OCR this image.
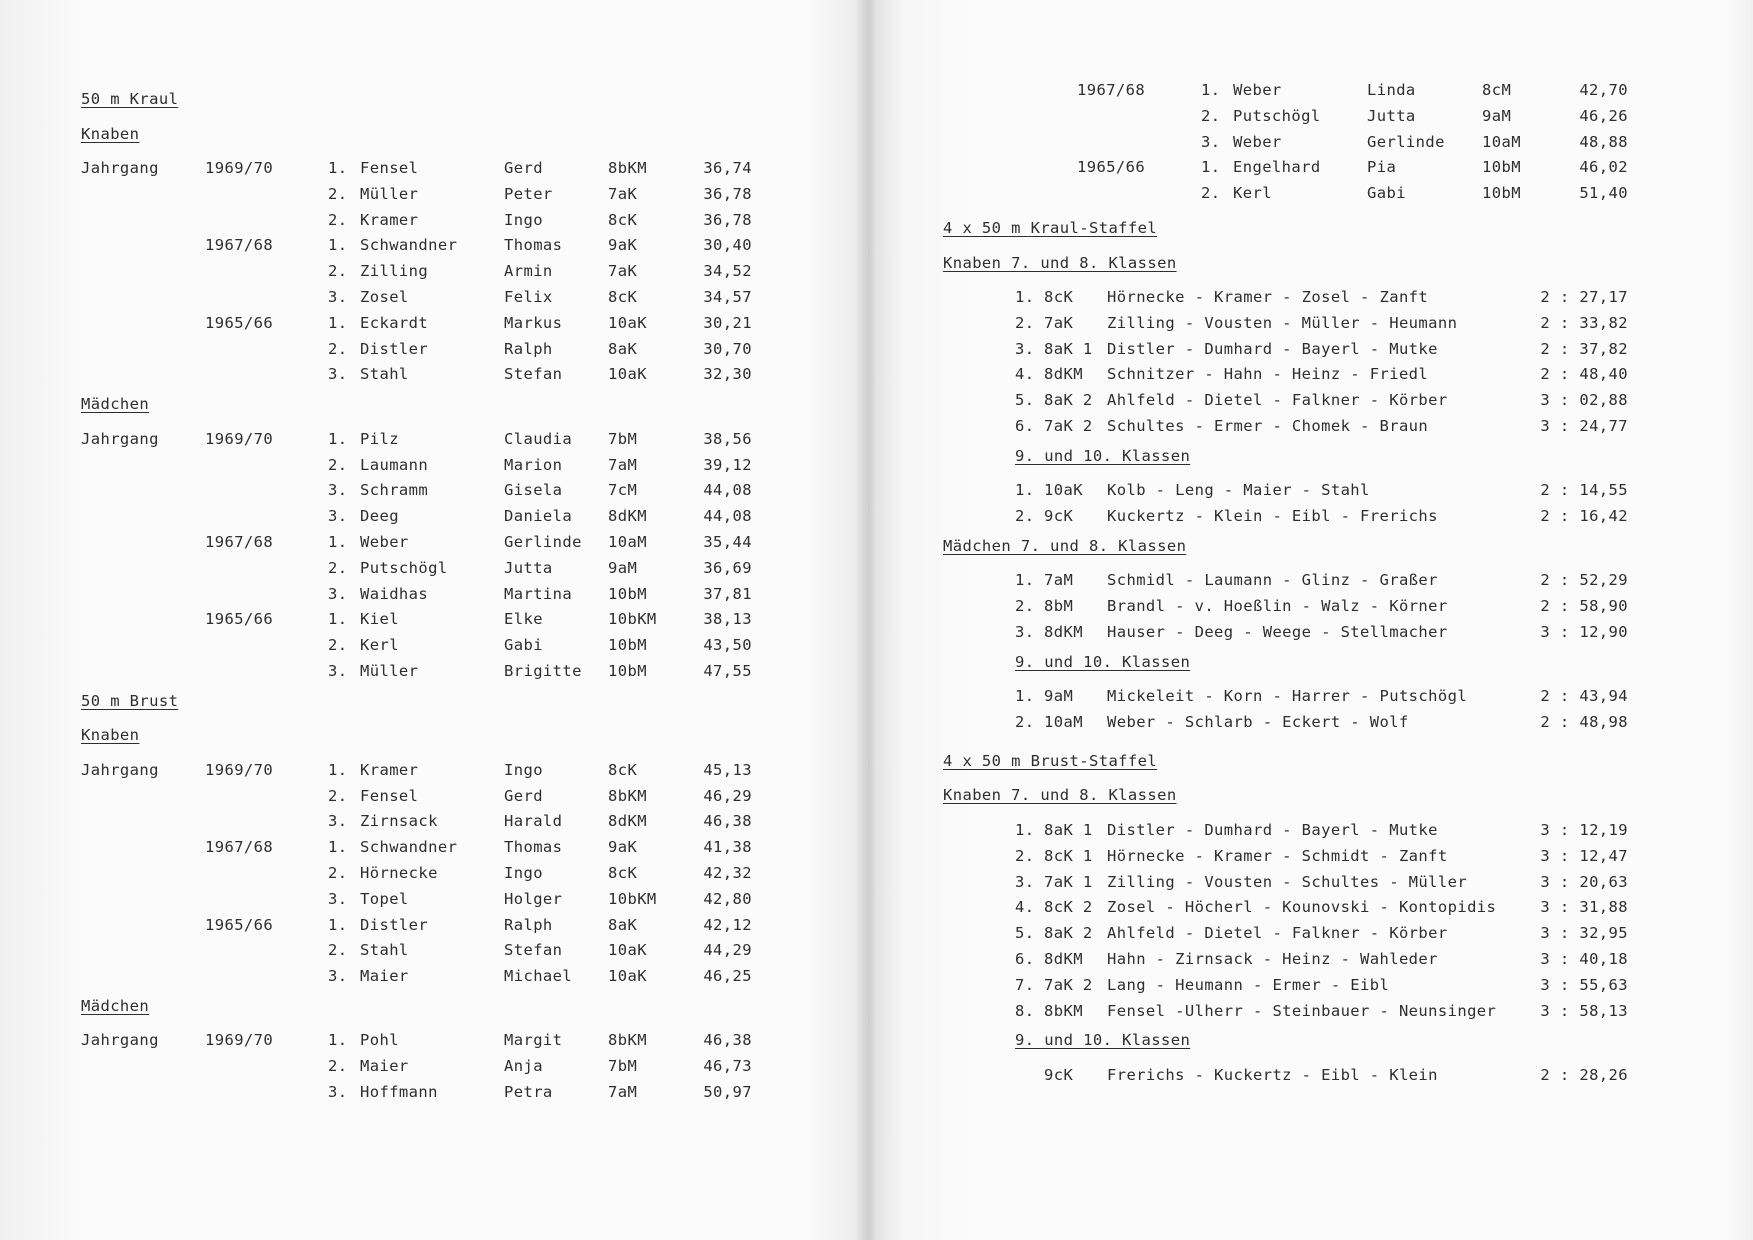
50 m Kraul
Knaben
Jahrgang	1969/70	1. Fensel	Gerd	8bKM	36,74
2. Müller	Peter	7aK	36,78
2. Kramer	Ingo	8cK	36,78
1967/68	1. Schwandner	Thomas	9aK	30,40
2. Zilling	Armin	7aK	34,52
3. Zosel	Felix	8cK	34,57
1965/66	1. Eckardt	Markus	10aK	30,21
2. Distler	Ralph	8aK	30,70
3. Stahl	Stefan	10aK	32,30
Mädchen
Jahrgang	1969/70	1. Pilz	Claudia 7bM	38,56
2. Laumann	Marion	7aM	39,12
3. Schramm	Gisela	7cM	44,08
3. Deeg	Daniela 8dKM	44,08
1967/68	1. Weber	Gerlinde 10aM	35,44
2. Putschögl	Jutta	9aM	36,69
3. Waidhas	Martina 10bM	37,81
1965/66	1. Kiel	Elke	10bKM	38,13
2. Kerl	Gabi	10bM	43,50
3. Müller	Brigitte 10bM	47,55
50 m Brust
Knaben
Jahrgang	1969/70	1. Kramer	Ingo	8cK	45,13
2. Fensel	Gerd	8bKM	46,29
3. Zirnsack	Harald	8dKM	46,38
1967/68	1. Schwandner	Thomas	9aK	41,38
2. Hörnecke	Ingo	8cK	42,32
3. Topel	Holger	10bKM	42,80
1965/66	1. Distler	Ralph	8aK	42,12
2. Stahl	Stefan	10aK	44,29
3. Maier	Michael 10aK	46,25
Mädchen
Jahrgang	1969/70	1. Pohl	Margit	8bKM	46,38
2. Maier	Anja	7bM	46,73
3. Hoffmann	Petra	7aM	50,97
1967/68	1. Weber	Linda	8cM	42,70
2. Putschögl	Jutta	9aM	46,26
3. Weber	Gerlinde 10aM	48,88
1965/66	1. Engelhard	Pia	10bM	46,02
2. Kerl	Gabi	10bM	51,40
4 x 50 m Kraul-Staffel
Knaben 7. und 8. Klassen
1. 8cK Hörnecke - Kramer - Zosel - Zanft	2 : 27,17
2. 7aK Zilling - Vousten - Müller - Heumann	2 : 33,82
3. 8aK 1 Distler - Dumhard - Bayerl - Mutke	2 : 37,82
4. 8dKM Schnitzer - Hahn - Heinz - Friedl	2 : 48,40
5. 8aK 2 Ahlfeld - Dietel - Falkner - Körber	3 : 02,88
6. 7aK 2 Schultes - Ermer - Chomek - Braun	3 : 24,77
9. und 10. Klassen
1. 10aK Kolb - Leng - Maier - Stahl	2 : 14,55
2. 9cK Kuckertz - Klein - Eibl - Frerichs	2 : 16,42
Mädchen 7. und 8. Klassen
1. 7aM Schmidl - Laumann - Glinz - Graßer	2 : 52,29
2. 8bM Brandl - v. Hoeßlin - Walz - Körner	2 : 58,90
3. 8dKM Hauser - Deeg - Weege - Stellmacher	3 : 12,90
9. und 10. Klassen
1. 9aM Mickeleit - Korn - Harrer - Putschögl	2 : 43,94
2. 10aM Weber - Schlarb - Eckert - Wolf	2 : 48,98
4 x 50 m Brust-Staffel
Knaben 7. und 8. Klassen
1. 8aK 1 Distler - Dumhard - Bayerl - Mutke	3 : 12,19
2. 8cK 1 Hörnecke - Kramer - Schmidt - Zanft	3 : 12,47
3. 7aK 1 Zilling - Vousten - Schultes - Müller	3 : 20,63
4. 8cK 2 Zosel - Höcherl - Kounovski - Kontopidis	3 : 31,88
5. 8aK 2 Ahlfeld - Dietel - Falkner - Körber	3 : 32,95
6. 8dKM Hahn - Zirnsack - Heinz - Wahleder	3 : 40,18
7. 7aK 2 Lang - Heumann - Ermer - Eibl	3 : 55,63
8. 8bKM Fensel -Ulherr - Steinbauer - Neunsinger	3 : 58,13
9. und 10. Klassen
9cK Frerichs - Kuckertz - Eibl - Klein	2 : 28,26
